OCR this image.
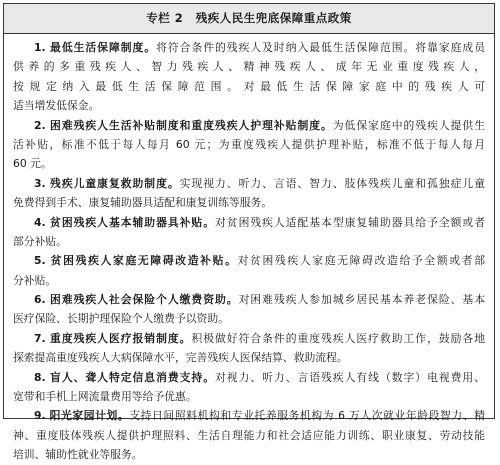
专栏 2 残疾人民生兜底保障重点政策
1. 最低生活保障制度。将符合条件的残疾人及时纳入最低生活保障范围。将靠家庭成员
供养的多重残疾人、智力残疾人、精神残疾人、成年无业重度残疾人，
按规定纳入最低生活保障范围。对最低生活保障家庭中的残疾人可
适当增发低保金。
2. 困难残疾人生活补贴制度和重度残疾人护理补贴制度。为低保家庭中的残疾人提供生
活补贴，标准不低于每人每月 60 元；为重度残疾人提供护理补贴，标准不低于每人每月
60 元。
3. 残疾儿童康复救助制度。实现视力、听力、言语、智力、肢体残疾儿童和孤独症儿童
免费得到手术、康复辅助器具适配和康复训练等服务。
4. 贫困残疾人基本辅助器具补贴。对贫困残疾人适配基本型康复辅助器具给予全额或者
部分补贴。
5. 贫困残疾人家庭无障碍改造补贴。对贫困残疾人家庭无障碍改造给予全额或者部
分补贴。
6. 困难残疾人社会保险个人缴费资助。对困难残疾人参加城乡居民基本养老保险、基本
医疗保险、长期护理保险个人缴费予以资助。
7. 重度残疾人医疗报销制度。积极做好符合条件的重度残疾人医疗救助工作，鼓励各地
探索提高重度残疾人大病保障水平，完善残疾人医保结算、救助流程。
8. 盲人、聋人特定信息消费支持。对视力、听力、言语残疾人有线（数字）电视费用、
宽带和手机上网流量费用等给予优惠。
9. 阳光家园计划。支持日间照料机构和专业托养服务机构为 6 万人次就业年龄段智力、精
神、重度肢体残疾人提供护理照料、生活自理能力和社会适应能力训练、职业康复、劳动技能
培训、辅助性就业等服务。
